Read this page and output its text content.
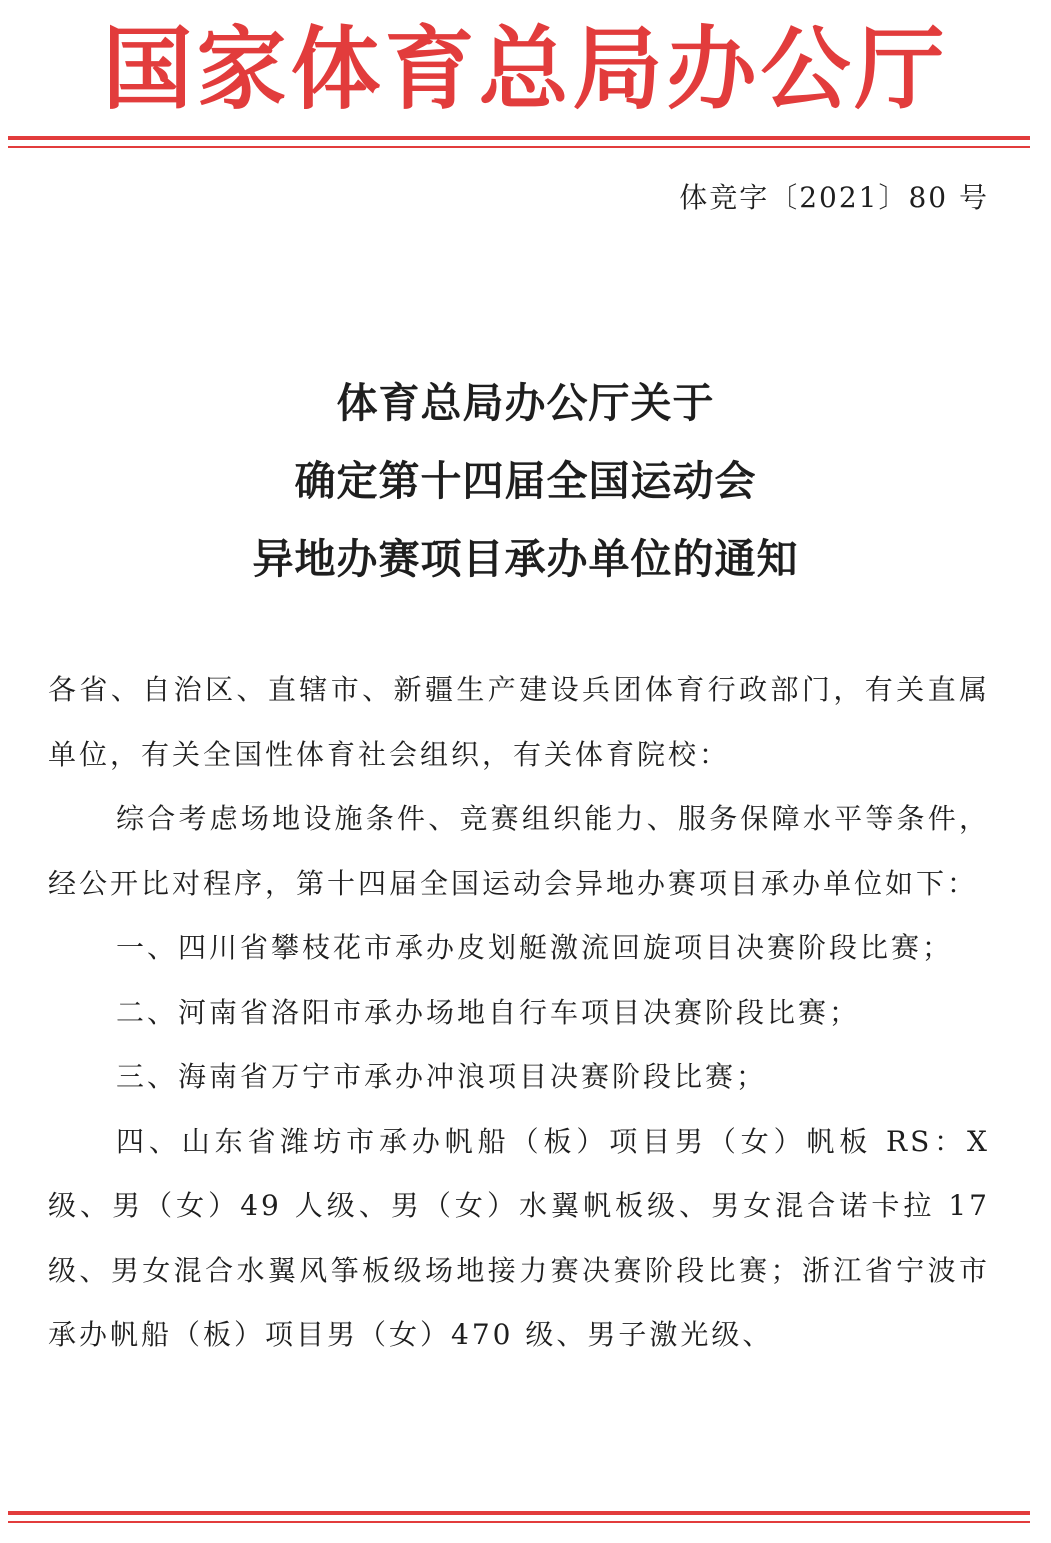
国家体育总局办公厅
体竞字〔2021〕80 号
体育总局办公厅关于
确定第十四届全国运动会
异地办赛项目承办单位的通知

各省、自治区、直辖市、新疆生产建设兵团体育行政部门，有关直属单位，有关全国性体育社会组织，有关体育院校：

综合考虑场地设施条件、竞赛组织能力、服务保障水平等条件，经公开比对程序，第十四届全国运动会异地办赛项目承办单位如下：

一、四川省攀枝花市承办皮划艇激流回旋项目决赛阶段比赛；

二、河南省洛阳市承办场地自行车项目决赛阶段比赛；

三、海南省万宁市承办冲浪项目决赛阶段比赛；

四、山东省潍坊市承办帆船（板）项目男（女）帆板 RS：X 级、男（女）49 人级、男（女）水翼帆板级、男女混合诺卡拉 17 级、男女混合水翼风筝板级场地接力赛决赛阶段比赛；浙江省宁波市承办帆船（板）项目男（女）470 级、男子激光级、
